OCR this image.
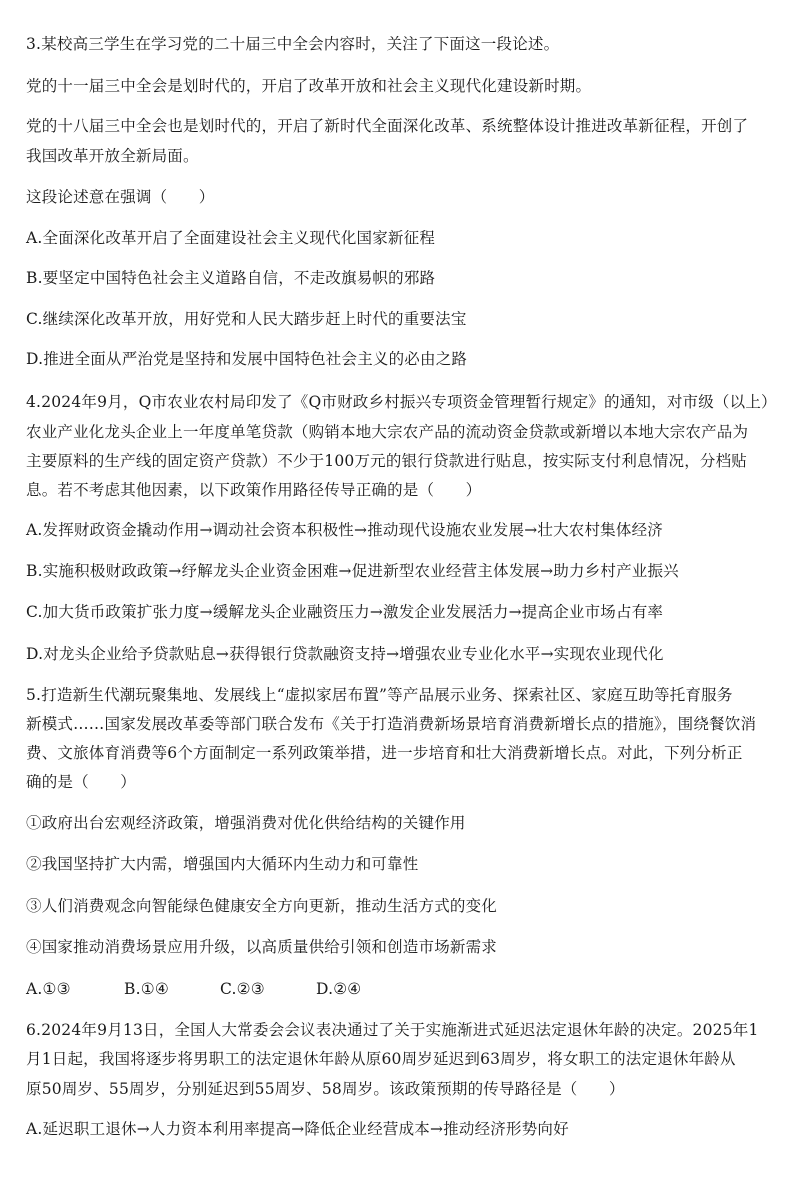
3.某校高三学生在学习党的二十届三中全会内容时，关注了下面这一段论述。
党的十一届三中全会是划时代的，开启了改革开放和社会主义现代化建设新时期。
党的十八届三中全会也是划时代的，开启了新时代全面深化改革、系统整体设计推进改革新征程，开创了
我国改革开放全新局面。
这段论述意在强调（　　）
A.全面深化改革开启了全面建设社会主义现代化国家新征程
B.要坚定中国特色社会主义道路自信，不走改旗易帜的邪路
C.继续深化改革开放，用好党和人民大踏步赶上时代的重要法宝
D.推进全面从严治党是坚持和发展中国特色社会主义的必由之路
4.2024年9月，Q市农业农村局印发了《Q市财政乡村振兴专项资金管理暂行规定》的通知，对市级（以上）
农业产业化龙头企业上一年度单笔贷款（购销本地大宗农产品的流动资金贷款或新增以本地大宗农产品为
主要原料的生产线的固定资产贷款）不少于100万元的银行贷款进行贴息，按实际支付利息情况，分档贴
息。若不考虑其他因素，以下政策作用路径传导正确的是（　　）
A.发挥财政资金撬动作用→调动社会资本积极性→推动现代设施农业发展→壮大农村集体经济
B.实施积极财政政策→纾解龙头企业资金困难→促进新型农业经营主体发展→助力乡村产业振兴
C.加大货币政策扩张力度→缓解龙头企业融资压力→激发企业发展活力→提高企业市场占有率
D.对龙头企业给予贷款贴息→获得银行贷款融资支持→增强农业专业化水平→实现农业现代化
5.打造新生代潮玩聚集地、发展线上“虚拟家居布置”等产品展示业务、探索社区、家庭互助等托育服务
新模式……国家发展改革委等部门联合发布《关于打造消费新场景培育消费新增长点的措施》，围绕餐饮消
费、文旅体育消费等6个方面制定一系列政策举措，进一步培育和壮大消费新增长点。对此，下列分析正
确的是（　　）
①政府出台宏观经济政策，增强消费对优化供给结构的关键作用
②我国坚持扩大内需，增强国内大循环内生动力和可靠性
③人们消费观念向智能绿色健康安全方向更新，推动生活方式的变化
④国家推动消费场景应用升级，以高质量供给引领和创造市场新需求
A.①③	B.①④	C.②③	D.②④
6.2024年9月13日，全国人大常委会会议表决通过了关于实施渐进式延迟法定退休年龄的决定。2025年1
月1日起，我国将逐步将男职工的法定退休年龄从原60周岁延迟到63周岁，将女职工的法定退休年龄从
原50周岁、55周岁，分别延迟到55周岁、58周岁。该政策预期的传导路径是（　　）
A.延迟职工退休→人力资本利用率提高→降低企业经营成本→推动经济形势向好
